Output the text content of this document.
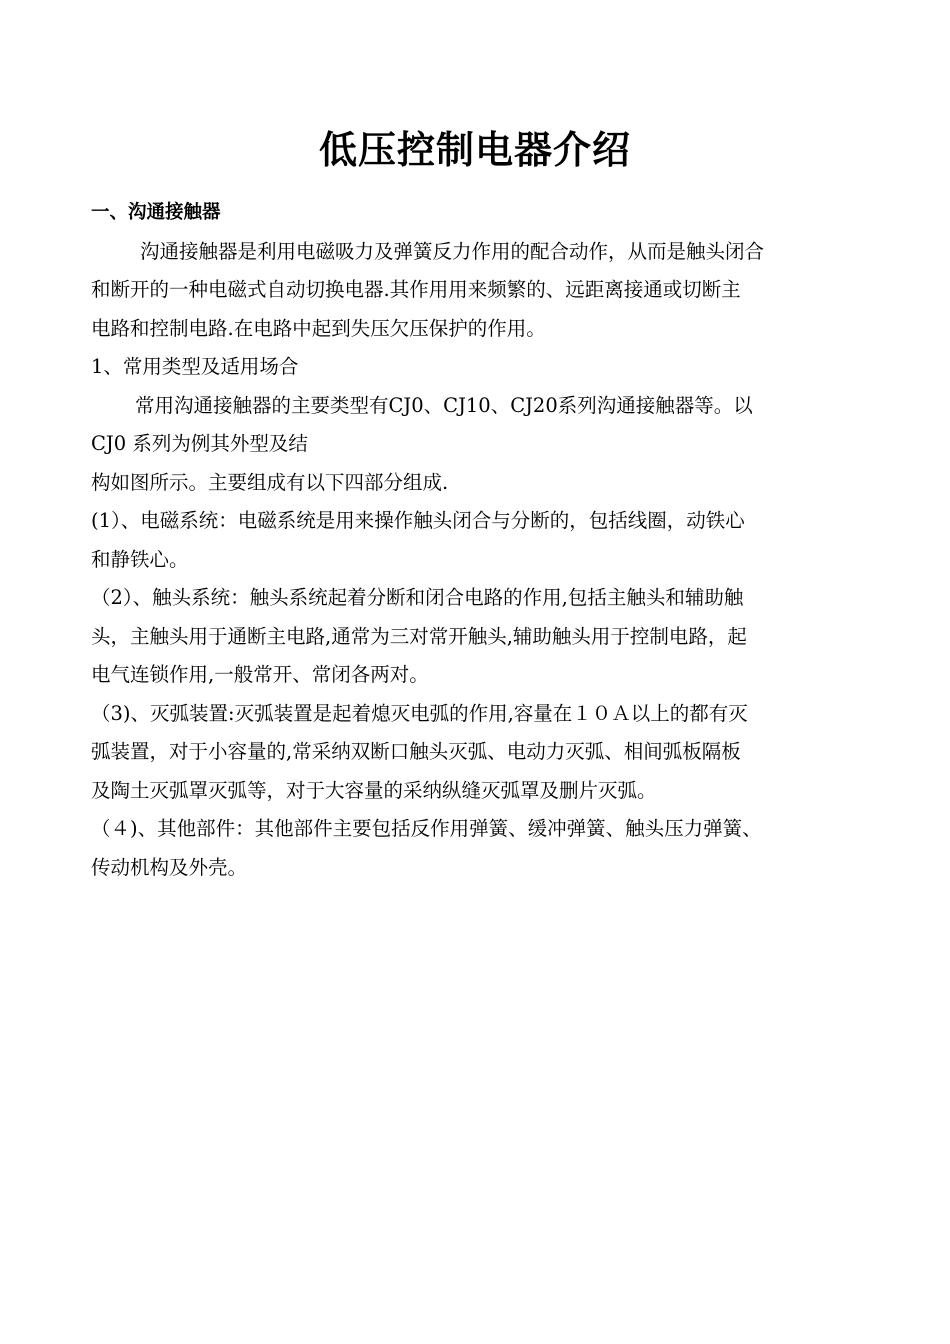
低压控制电器介绍

一、沟通接触器

沟通接触器是利用电磁吸力及弹簧反力作用的配合动作，从而是触头闭合

和断开的一种电磁式自动切换电器.其作用用来频繁的、远距离接通或切断主

电路和控制电路.在电路中起到失压欠压保护的作用。

1、常用类型及适用场合

常用沟通接触器的主要类型有CJ0、CJ10、CJ20系列沟通接触器等。以

CJ0 系列为例其外型及结

构如图所示。主要组成有以下四部分组成.

(1）、电磁系统：电磁系统是用来操作触头闭合与分断的，包括线圈，动铁心

和静铁心。

（2）、触头系统：触头系统起着分断和闭合电路的作用,包括主触头和辅助触

头，主触头用于通断主电路,通常为三对常开触头,辅助触头用于控制电路，起

电气连锁作用,一般常开、常闭各两对。

（3)、灭弧装置:灭弧装置是起着熄灭电弧的作用,容量在１０Ａ以上的都有灭

弧装置，对于小容量的,常采纳双断口触头灭弧、电动力灭弧、相间弧板隔板

及陶土灭弧罩灭弧等，对于大容量的采纳纵缝灭弧罩及删片灭弧。

（４)、其他部件：其他部件主要包括反作用弹簧、缓冲弹簧、触头压力弹簧、

传动机构及外壳。
